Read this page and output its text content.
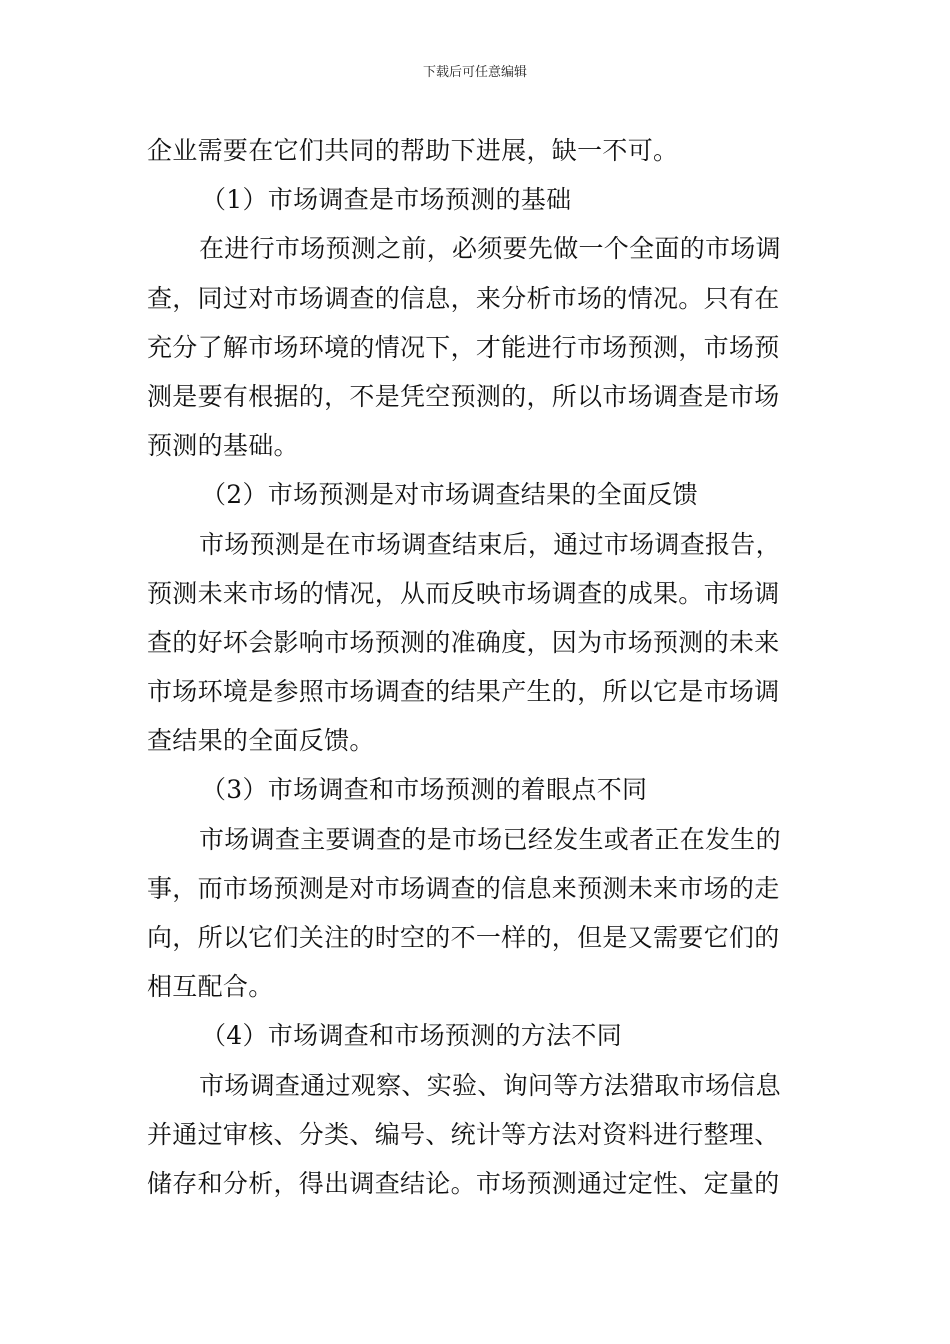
下载后可任意编辑
企业需要在它们共同的帮助下进展，缺一不可。
（1）市场调查是市场预测的基础
在进行市场预测之前，必须要先做一个全面的市场调
查，同过对市场调查的信息，来分析市场的情况。只有在
充分了解市场环境的情况下，才能进行市场预测，市场预
测是要有根据的，不是凭空预测的，所以市场调查是市场
预测的基础。
（2）市场预测是对市场调查结果的全面反馈
市场预测是在市场调查结束后，通过市场调查报告，
预测未来市场的情况，从而反映市场调查的成果。市场调
查的好坏会影响市场预测的准确度，因为市场预测的未来
市场环境是参照市场调查的结果产生的，所以它是市场调
查结果的全面反馈。
（3）市场调查和市场预测的着眼点不同
市场调查主要调查的是市场已经发生或者正在发生的
事，而市场预测是对市场调查的信息来预测未来市场的走
向，所以它们关注的时空的不一样的，但是又需要它们的
相互配合。
（4）市场调查和市场预测的方法不同
市场调查通过观察、实验、询问等方法猎取市场信息
并通过审核、分类、编号、统计等方法对资料进行整理、
储存和分析，得出调查结论。市场预测通过定性、定量的
